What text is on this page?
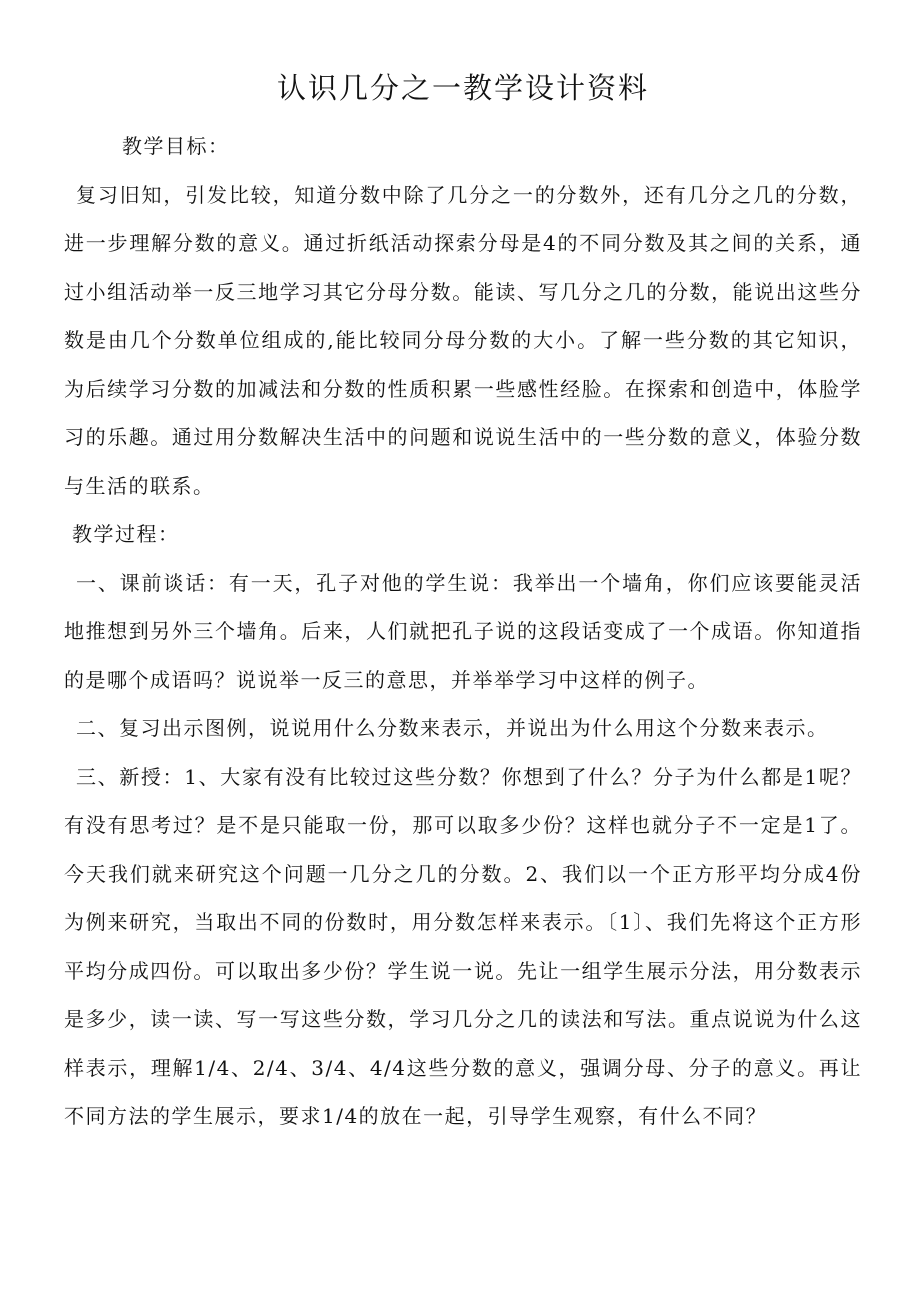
认识几分之一教学设计资料

教学目标：

复习旧知，引发比较，知道分数中除了几分之一的分数外，还有几分之几的分数，进一步理解分数的意义。通过折纸活动探索分母是4的不同分数及其之间的关系，通过小组活动举一反三地学习其它分母分数。能读、写几分之几的分数，能说出这些分数是由几个分数单位组成的,能比较同分母分数的大小。了解一些分数的其它知识，为后续学习分数的加减法和分数的性质积累一些感性经脸。在探索和创造中，体脸学习的乐趣。通过用分数解决生活中的问题和说说生活中的一些分数的意义，体验分数与生活的联系。

教学过程：

一、课前谈话：有一天，孔子对他的学生说：我举出一个墙角，你们应该要能灵活地推想到另外三个墙角。后来，人们就把孔子说的这段话变成了一个成语。你知道指的是哪个成语吗？说说举一反三的意思，并举举学习中这样的例子。

二、复习出示图例，说说用什么分数来表示，并说出为什么用这个分数来表示。

三、新授：1、大家有没有比较过这些分数？你想到了什么？分子为什么都是1呢？有没有思考过？是不是只能取一份，那可以取多少份？这样也就分子不一定是1了。今天我们就来研究这个问题一几分之几的分数。2、我们以一个正方形平均分成4份为例来研究，当取出不同的份数时，用分数怎样来表示。〔1〕、我们先将这个正方形平均分成四份。可以取出多少份？学生说一说。先让一组学生展示分法，用分数表示是多少，读一读、写一写这些分数，学习几分之几的读法和写法。重点说说为什么这样表示，理解1/4、2/4、3/4、4/4这些分数的意义，强调分母、分子的意义。再让不同方法的学生展示，要求1/4的放在一起，引导学生观察，有什么不同？
